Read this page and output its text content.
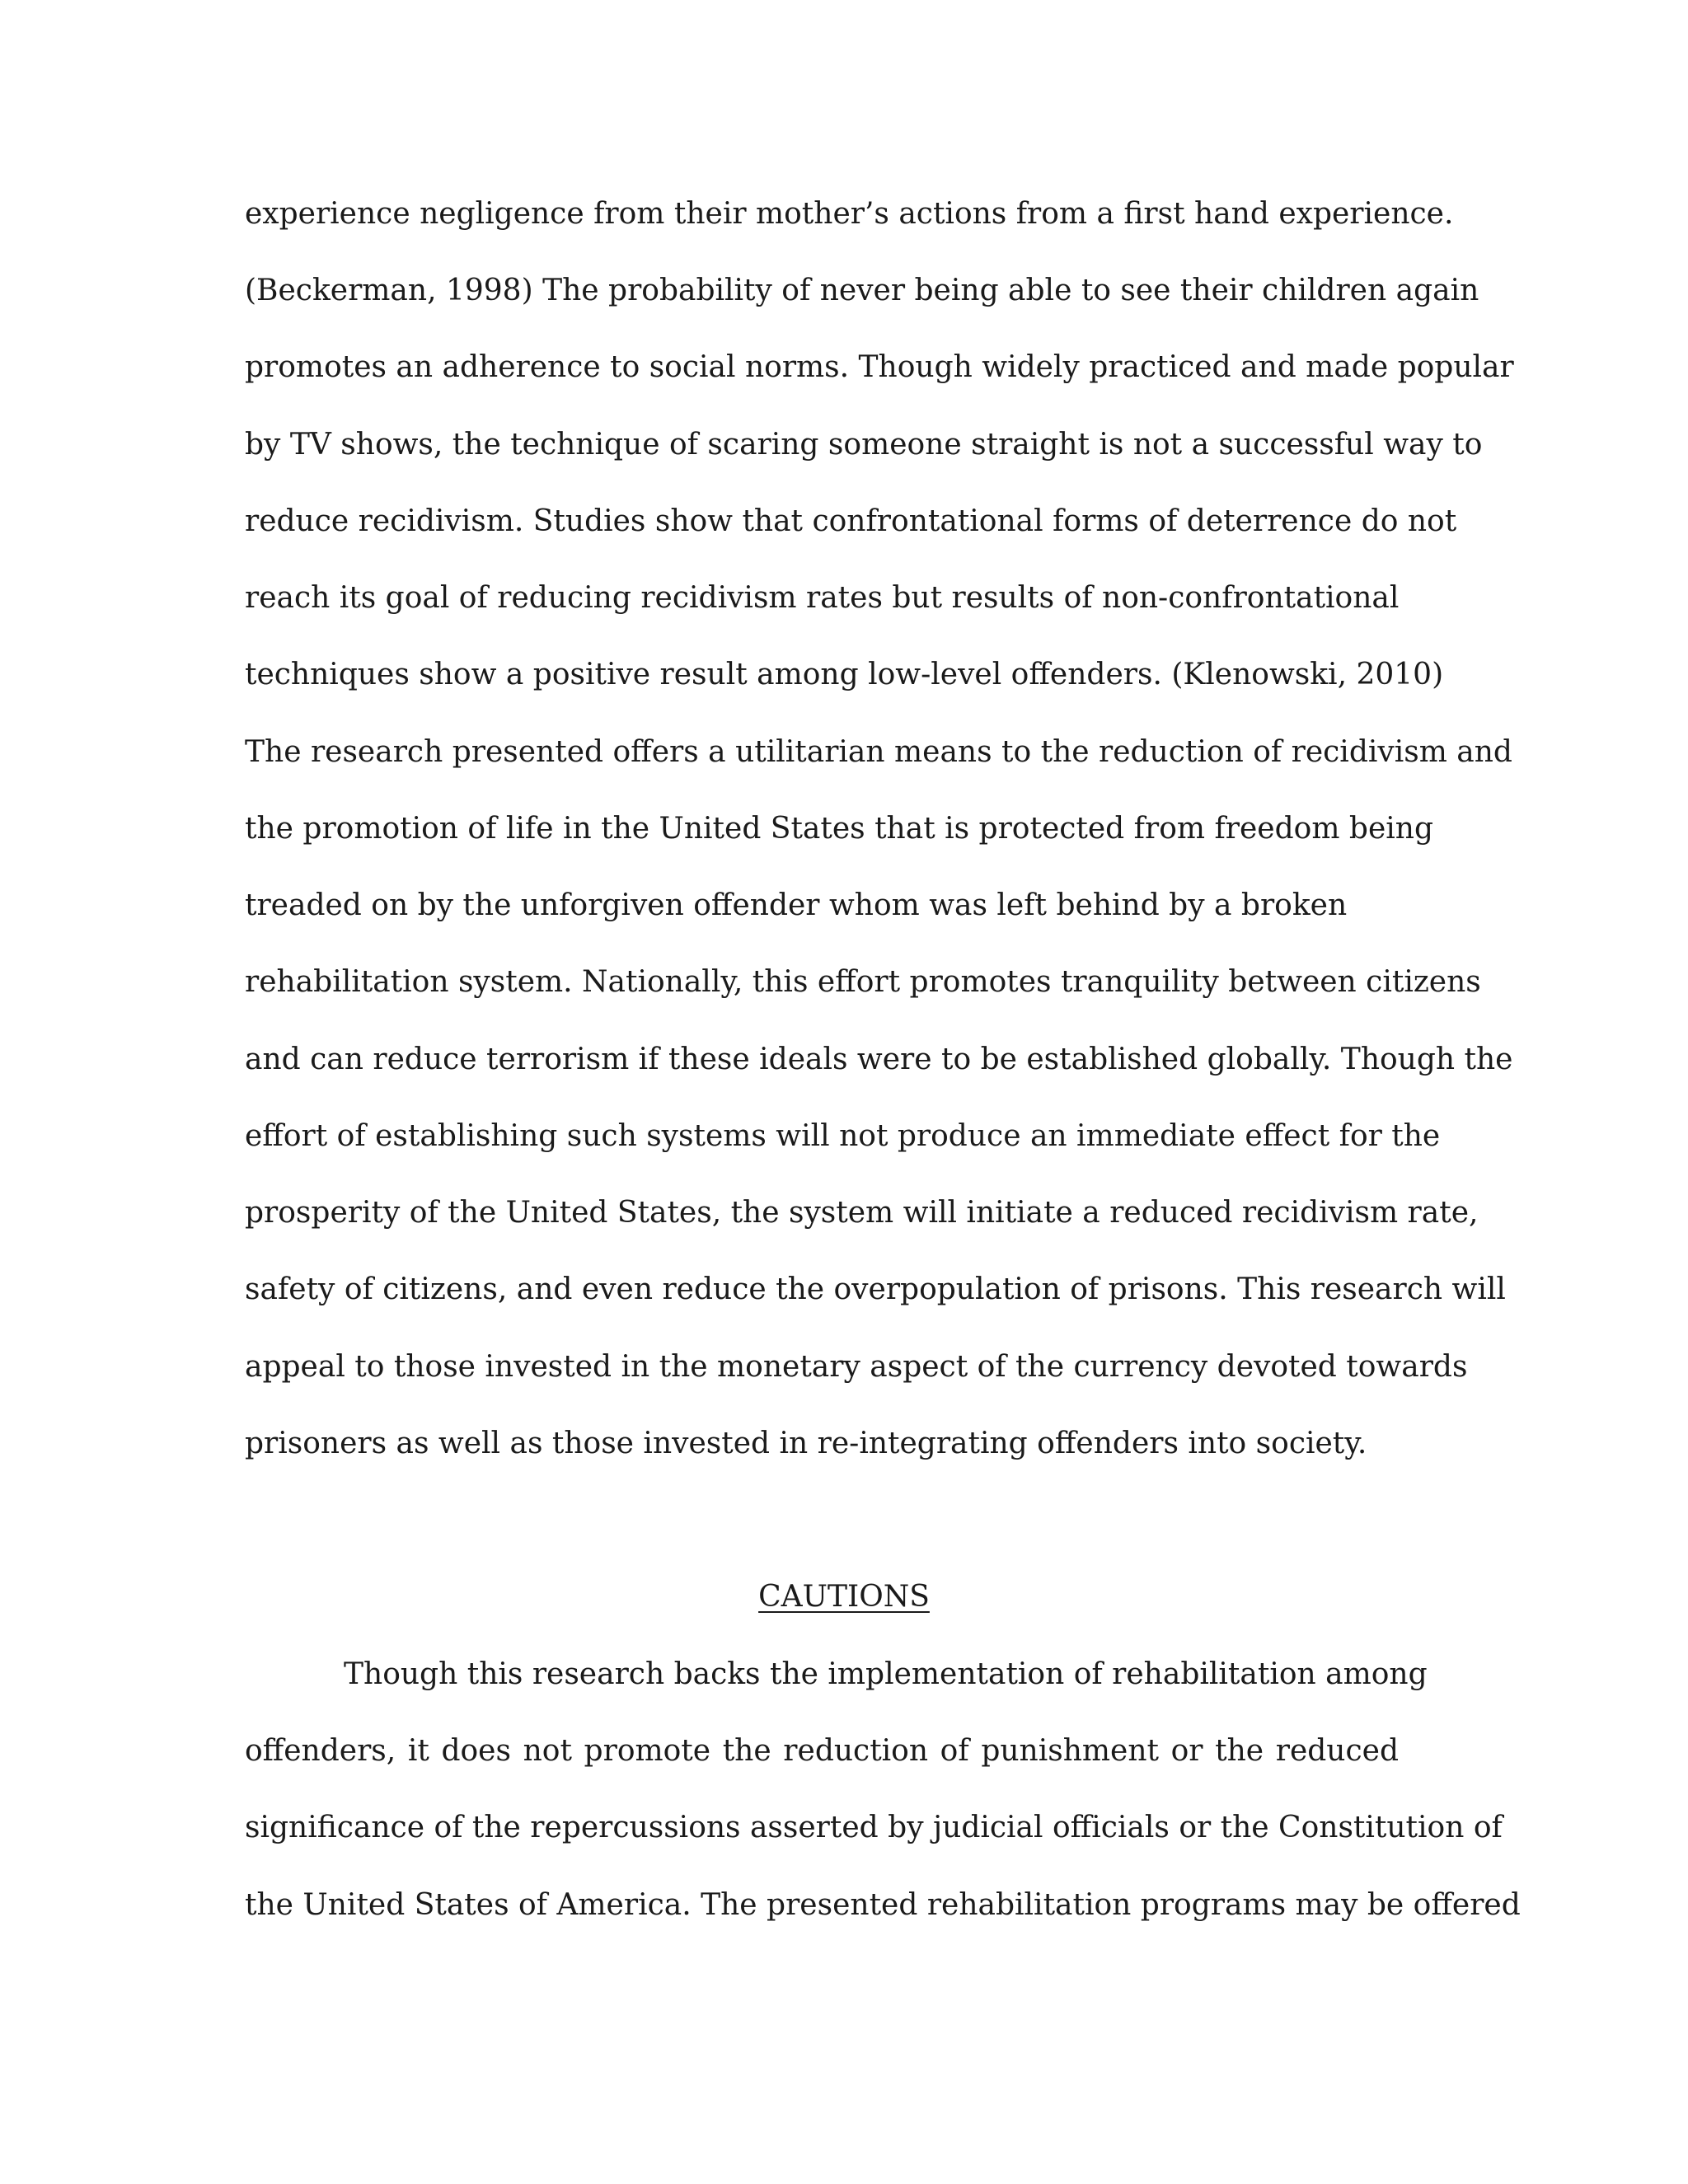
experience negligence from their mother’s actions from a first hand experience.
(Beckerman, 1998) The probability of never being able to see their children again
promotes an adherence to social norms. Though widely practiced and made popular
by TV shows, the technique of scaring someone straight is not a successful way to
reduce recidivism. Studies show that confrontational forms of deterrence do not
reach its goal of reducing recidivism rates but results of non-confrontational
techniques show a positive result among low-level offenders. (Klenowski, 2010)
The research presented offers a utilitarian means to the reduction of recidivism and
the promotion of life in the United States that is protected from freedom being
treaded on by the unforgiven offender whom was left behind by a broken
rehabilitation system. Nationally, this effort promotes tranquility between citizens
and can reduce terrorism if these ideals were to be established globally. Though the
effort of establishing such systems will not produce an immediate effect for the
prosperity of the United States, the system will initiate a reduced recidivism rate,
safety of citizens, and even reduce the overpopulation of prisons. This research will
appeal to those invested in the monetary aspect of the currency devoted towards
prisoners as well as those invested in re-integrating offenders into society.
CAUTIONS
Though this research backs the implementation of rehabilitation among
offenders, it does not promote the reduction of punishment or the reduced
significance of the repercussions asserted by judicial officials or the Constitution of
the United States of America. The presented rehabilitation programs may be offered
